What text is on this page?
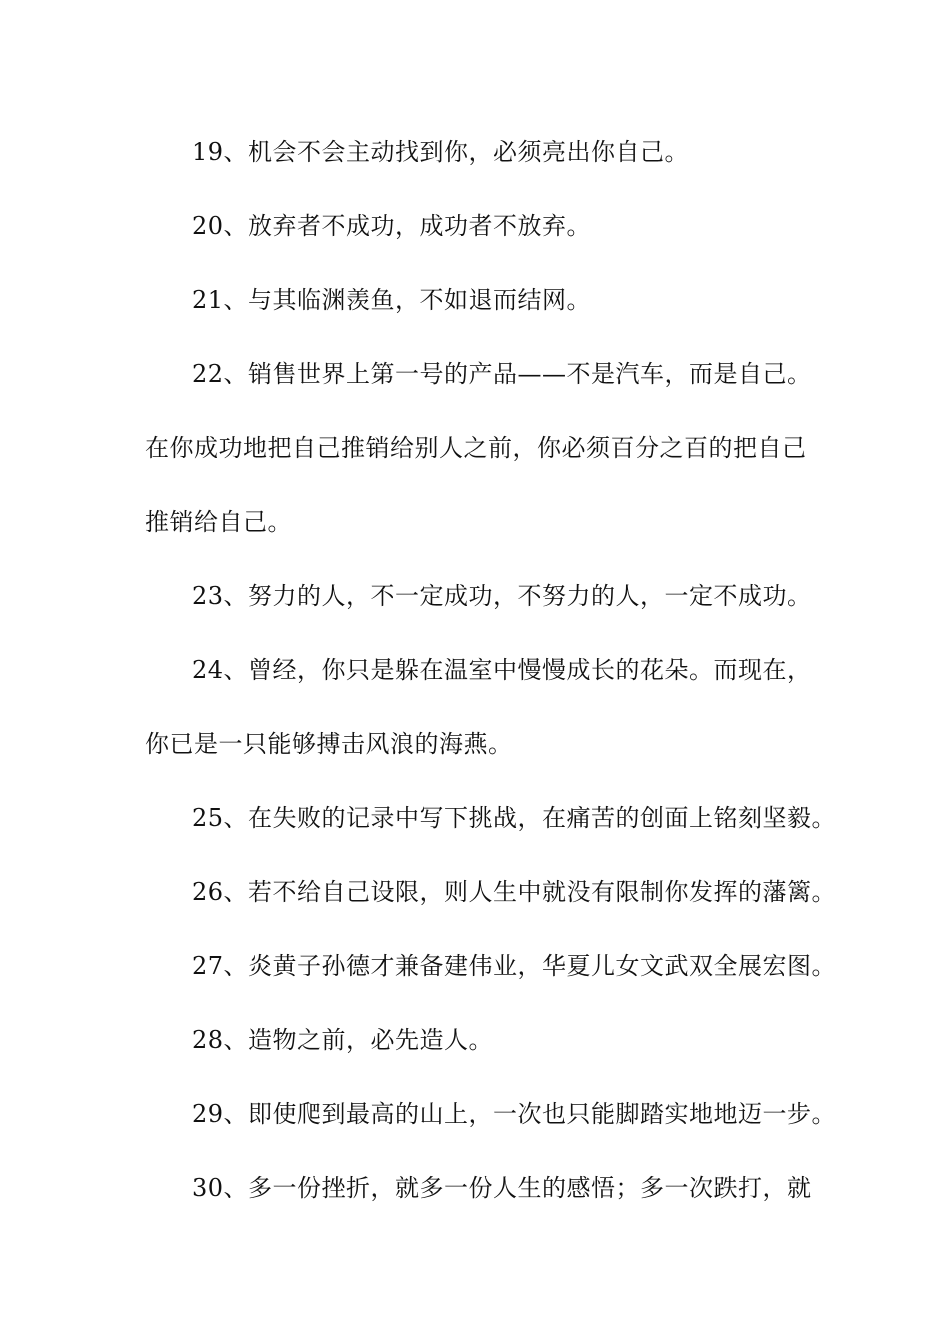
19、机会不会主动找到你，必须亮出你自己。
20、放弃者不成功，成功者不放弃。
21、与其临渊羡鱼，不如退而结网。
22、销售世界上第一号的产品——不是汽车，而是自己。
在你成功地把自己推销给别人之前，你必须百分之百的把自己
推销给自己。
23、努力的人，不一定成功，不努力的人，一定不成功。
24、曾经，你只是躲在温室中慢慢成长的花朵。而现在，
你已是一只能够搏击风浪的海燕。
25、在失败的记录中写下挑战，在痛苦的创面上铭刻坚毅。
26、若不给自己设限，则人生中就没有限制你发挥的藩篱。
27、炎黄子孙德才兼备建伟业，华夏儿女文武双全展宏图。
28、造物之前，必先造人。
29、即使爬到最高的山上，一次也只能脚踏实地地迈一步。
30、多一份挫折，就多一份人生的感悟；多一次跌打，就
